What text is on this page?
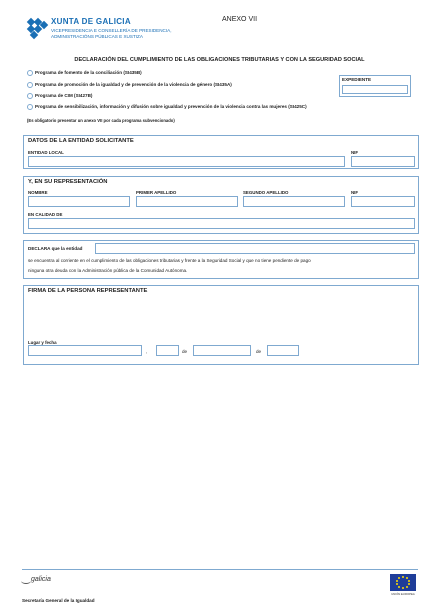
XUNTA DE GALICIA
VICEPRESIDENCIA E CONSELLERÍA DE PRESIDENCIA,
ADMINISTRACIÓNS PÚBLICAS E XUSTIZA
ANEXO VII
DECLARACIÓN DEL CUMPLIMIENTO DE LAS OBLIGACIONES TRIBUTARIAS Y CON LA SEGURIDAD SOCIAL
Programa de fomento de la conciliación (SI435B)
Programa de promoción de la igualdad y de prevención de la violencia de género (SI435A)
Programa de CIM (SI427B)
Programa de sensibilización, información y difusión sobre igualdad y prevención de la violencia contra las mujeres (SI425C)
(Es obligatorio presentar un anexo VII por cada programa subvencionado)
EXPEDIENTE
DATOS DE LA ENTIDAD SOLICITANTE
ENTIDAD LOCAL	NIF
Y, EN SU REPRESENTACIÓN
NOMBRE	PRIMER APELLIDO	SEGUNDO APELLIDO	NIF
EN CALIDAD DE
DECLARA que la entidad
se encuentra al corriente en el cumplimiento de las obligaciones tributarias y frente a la Seguridad Social y que no tiene pendiente de pago
ninguna otra deuda con la Administración pública de la Comunidad Autónoma.
FIRMA DE LA PERSONA REPRESENTANTE
Lugar y fecha
,	de	de
galicia
Secretaría General de la Igualdad
UNIÓN EUROPEA
